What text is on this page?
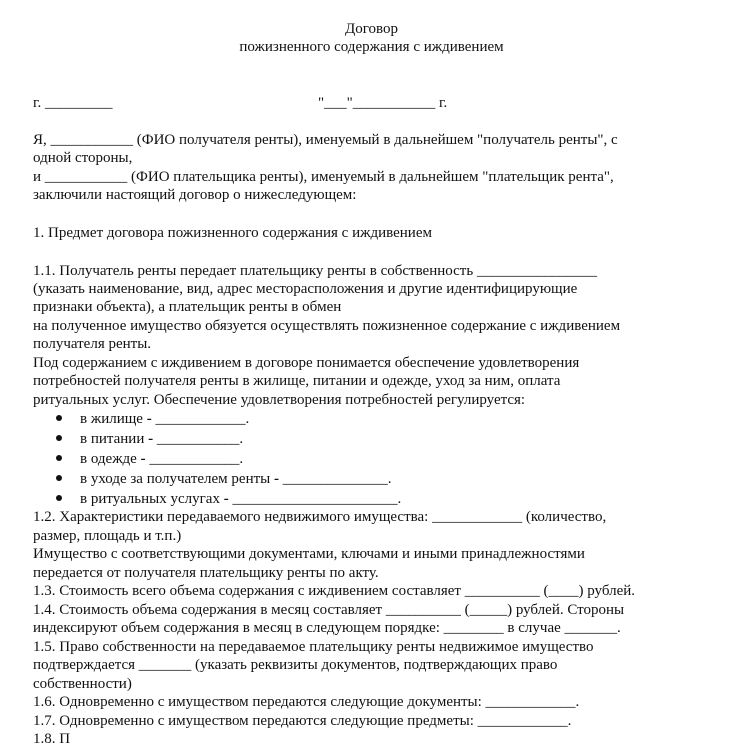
Договор
пожизненного содержания с иждивением
г. _________	"___"___________ г.
Я, ___________ (ФИО получателя ренты), именуемый в дальнейшем "получатель ренты", с
одной стороны,
и ___________ (ФИО плательщика ренты), именуемый в дальнейшем "плательщик рента",
заключили настоящий договор о нижеследующем:
1. Предмет договора пожизненного содержания с иждивением
1.1. Получатель ренты передает плательщику ренты в собственность ________________
(указать наименование, вид, адрес месторасположения и другие идентифицирующие
признаки объекта), а плательщик ренты в обмен
на полученное имущество обязуется осуществлять пожизненное содержание с иждивением
получателя ренты.
Под содержанием с иждивением в договоре понимается обеспечение удовлетворения
потребностей получателя ренты в жилище, питании и одежде, уход за ним, оплата
ритуальных услуг. Обеспечение удовлетворения потребностей регулируется:
в жилище - ____________.
в питании - ___________.
в одежде - ____________.
в уходе за получателем ренты - ______________.
в ритуальных услугах - ______________________.
1.2. Характеристики передаваемого недвижимого имущества: ____________ (количество,
размер, площадь и т.п.)
Имущество с соответствующими документами, ключами и иными принадлежностями
передается от получателя плательщику ренты по акту.
1.3. Стоимость всего объема содержания с иждивением составляет __________ (____) рублей.
1.4. Стоимость объема содержания в месяц составляет __________ (_____) рублей. Стороны
индексируют объем содержания в месяц в следующем порядке: ________ в случае _______.
1.5. Право собственности на передаваемое плательщику ренты недвижимое имущество
подтверждается _______ (указать реквизиты документов, подтверждающих право
собственности)
1.6. Одновременно с имуществом передаются следующие документы: ____________.
1.7. Одновременно с имуществом передаются следующие предметы: ____________.
1.8. П
